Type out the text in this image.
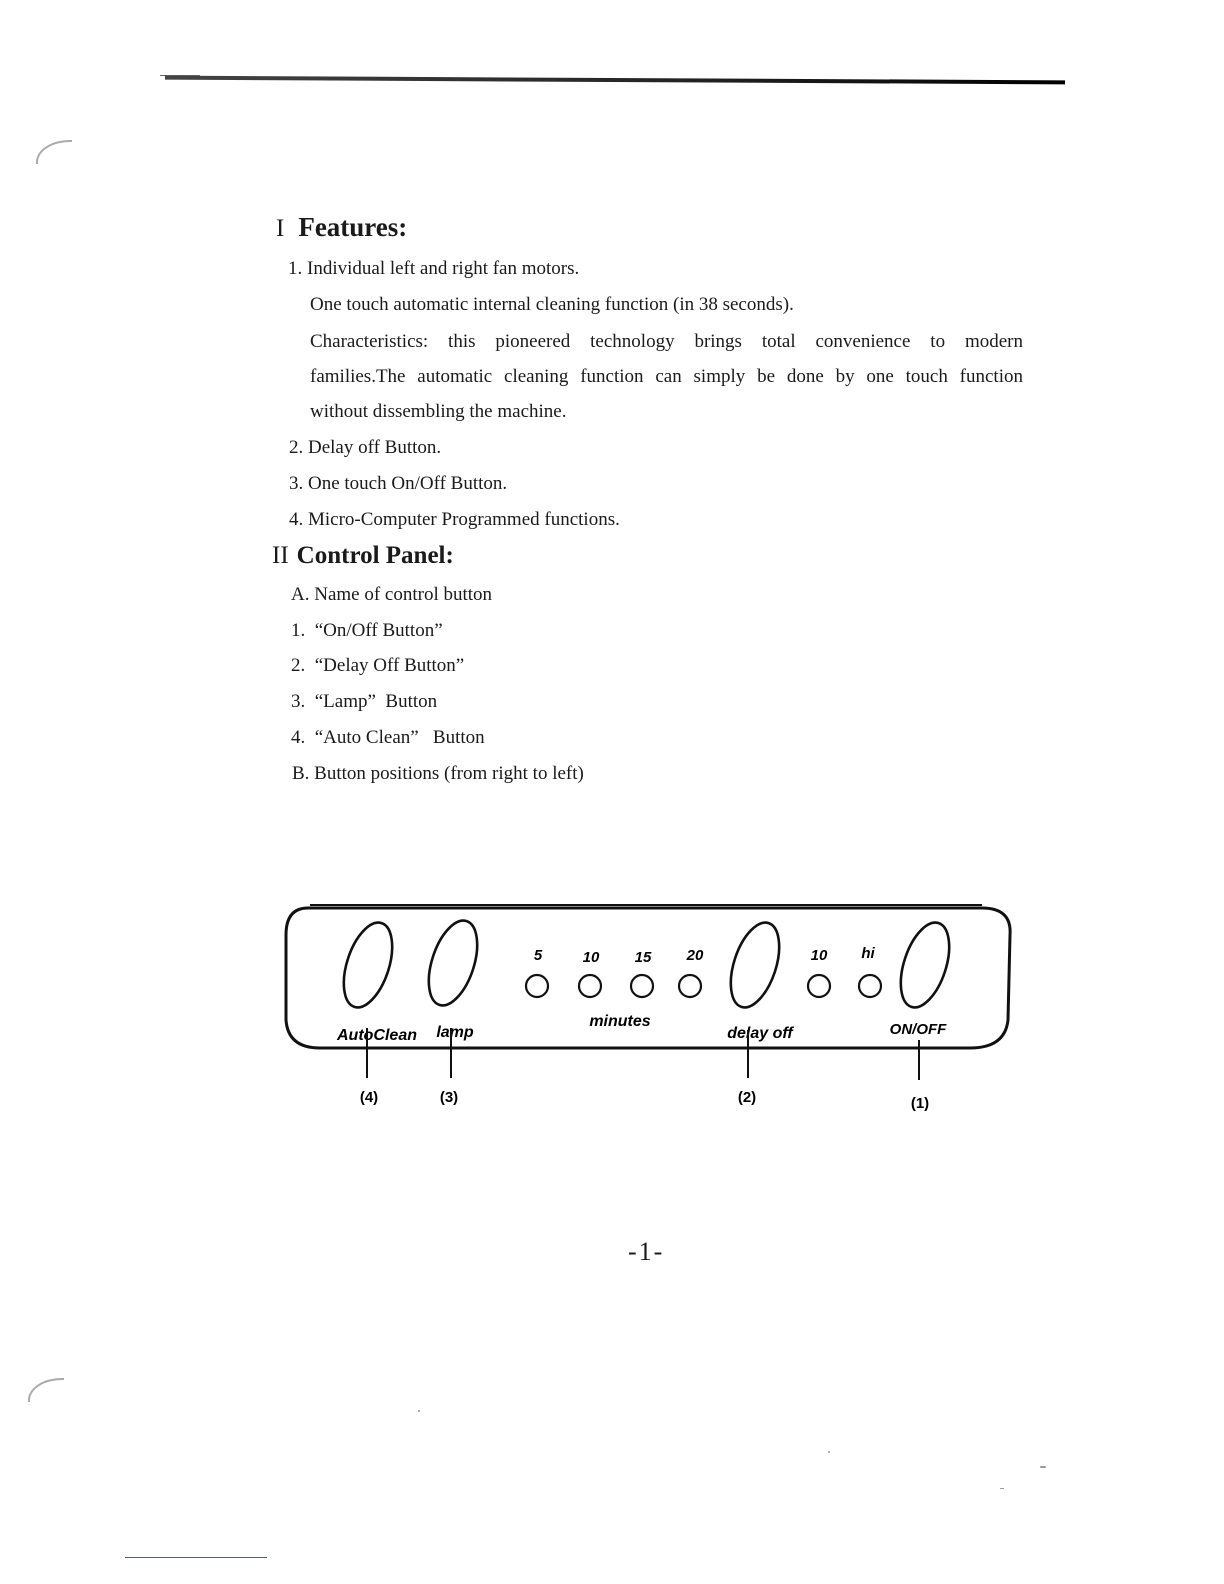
I Features:
1. Individual left and right fan motors.
One touch automatic internal cleaning function (in 38 seconds).
Characteristics: this pioneered technology brings total convenience to modern
families.The automatic cleaning function can simply be done by one touch function
without dissembling the machine.
2. Delay off Button.
3. One touch On/Off Button.
4. Micro-Computer Programmed functions.
II Control Panel:
A. Name of control button
1.  “On/Off Button”
2.  “Delay Off Button”
3.  “Lamp”  Button
4.  “Auto Clean”   Button
B. Button positions (from right to left)
5	10 15 20	10 hi
AutoClean lamp
minutes
delay off	ON/OFF
(4)	(3)	(2)	(1)
-1-
